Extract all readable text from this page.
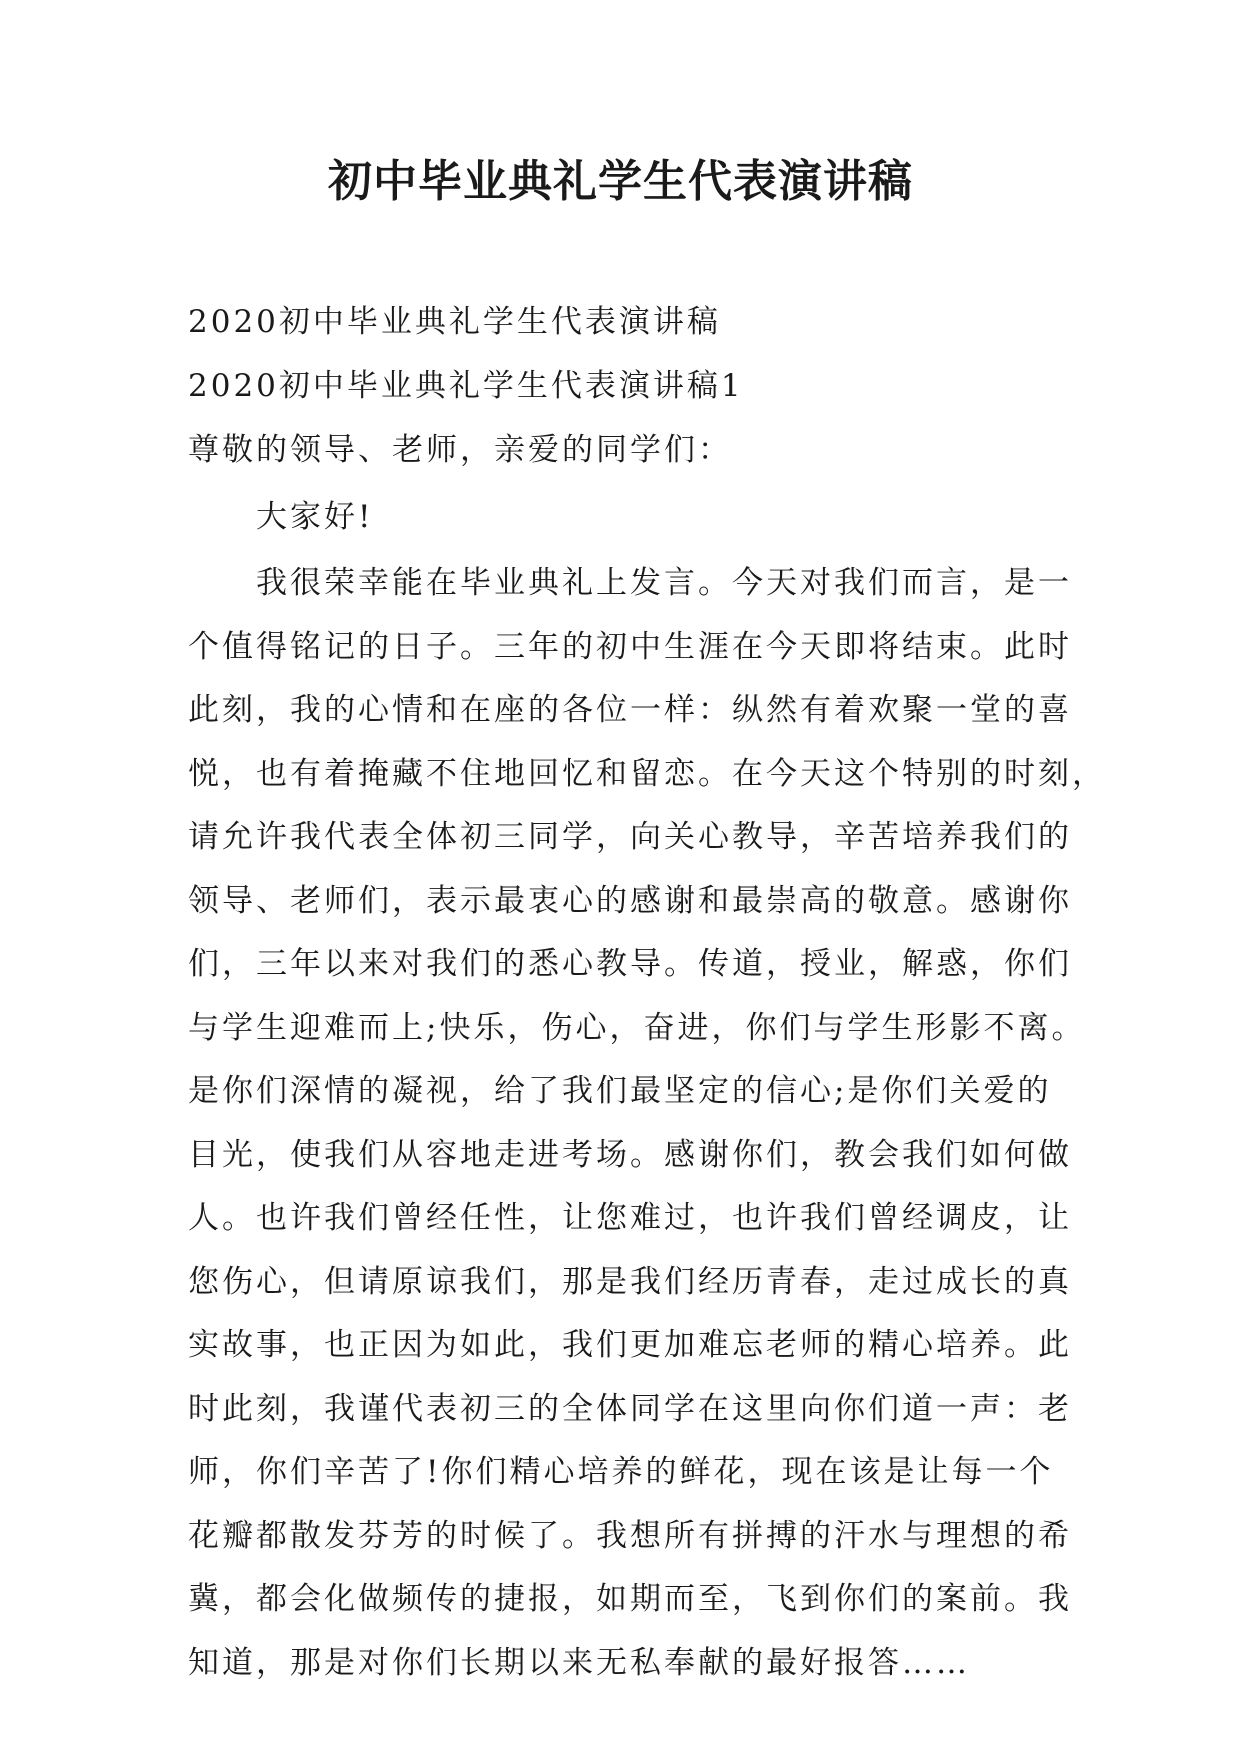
初中毕业典礼学生代表演讲稿

2020初中毕业典礼学生代表演讲稿

2020初中毕业典礼学生代表演讲稿1

尊敬的领导、老师，亲爱的同学们：

大家好!

我很荣幸能在毕业典礼上发言。今天对我们而言，是一

个值得铭记的日子。三年的初中生涯在今天即将结束。此时

此刻，我的心情和在座的各位一样：纵然有着欢聚一堂的喜

悦，也有着掩藏不住地回忆和留恋。在今天这个特别的时刻，

请允许我代表全体初三同学，向关心教导，辛苦培养我们的

领导、老师们，表示最衷心的感谢和最崇高的敬意。感谢你

们，三年以来对我们的悉心教导。传道，授业，解惑，你们

与学生迎难而上;快乐，伤心，奋进，你们与学生形影不离。

是你们深情的凝视，给了我们最坚定的信心;是你们关爱的

目光，使我们从容地走进考场。感谢你们，教会我们如何做

人。也许我们曾经任性，让您难过，也许我们曾经调皮，让

您伤心，但请原谅我们，那是我们经历青春，走过成长的真

实故事，也正因为如此，我们更加难忘老师的精心培养。此

时此刻，我谨代表初三的全体同学在这里向你们道一声：老

师，你们辛苦了!你们精心培养的鲜花，现在该是让每一个

花瓣都散发芬芳的时候了。我想所有拼搏的汗水与理想的希

冀，都会化做频传的捷报，如期而至，飞到你们的案前。我

知道，那是对你们长期以来无私奉献的最好报答……
